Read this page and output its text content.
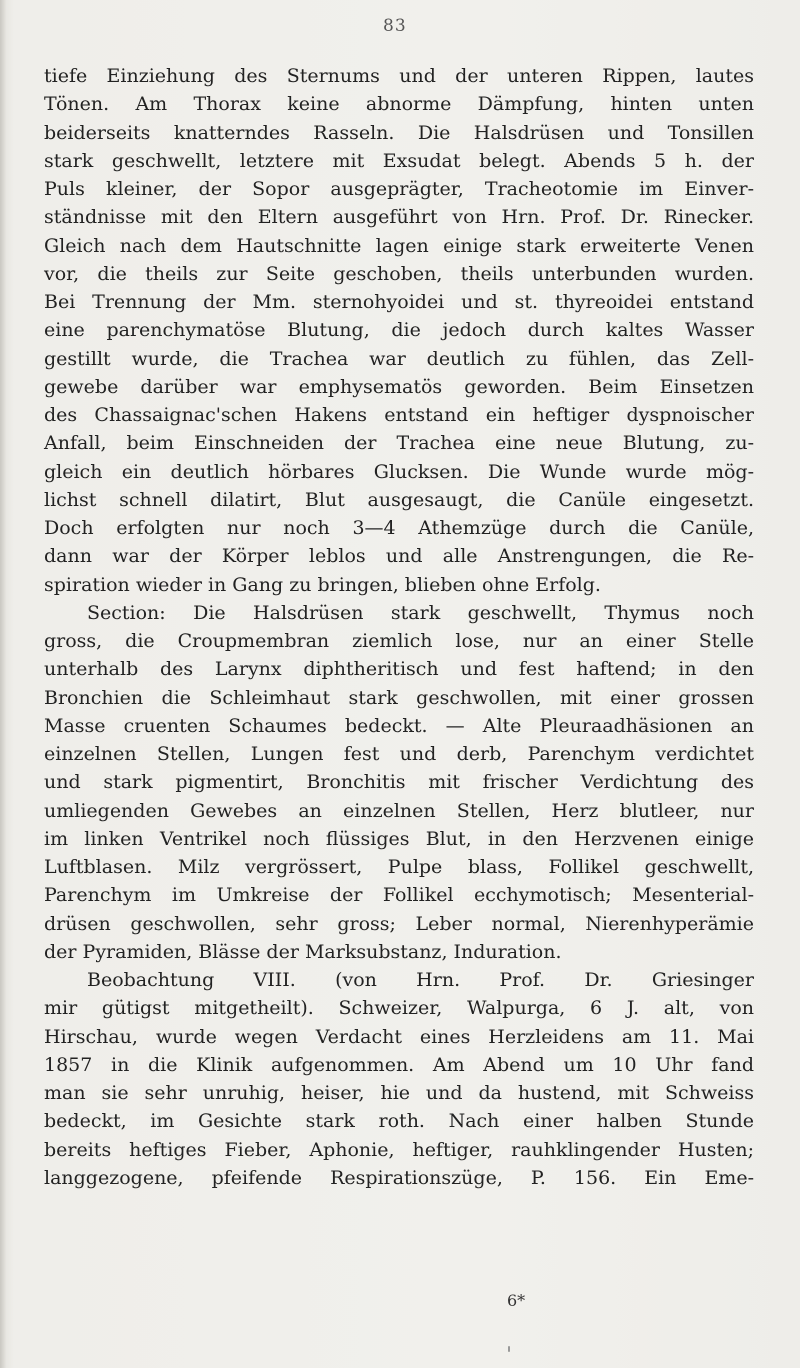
83
tiefe Einziehung des Sternums und der unteren Rippen, lautes
Tönen. Am Thorax keine abnorme Dämpfung, hinten unten
beiderseits knatterndes Rasseln. Die Halsdrüsen und Tonsillen
stark geschwellt, letztere mit Exsudat belegt. Abends 5 h. der
Puls kleiner, der Sopor ausgeprägter, Tracheotomie im Einver-
ständnisse mit den Eltern ausgeführt von Hrn. Prof. Dr. Rinecker.
Gleich nach dem Hautschnitte lagen einige stark erweiterte Venen
vor, die theils zur Seite geschoben, theils unterbunden wurden.
Bei Trennung der Mm. sternohyoidei und st. thyreoidei entstand
eine parenchymatöse Blutung, die jedoch durch kaltes Wasser
gestillt wurde, die Trachea war deutlich zu fühlen, das Zell-
gewebe darüber war emphysematös geworden. Beim Einsetzen
des Chassaignac'schen Hakens entstand ein heftiger dyspnoischer
Anfall, beim Einschneiden der Trachea eine neue Blutung, zu-
gleich ein deutlich hörbares Glucksen. Die Wunde wurde mög-
lichst schnell dilatirt, Blut ausgesaugt, die Canüle eingesetzt.
Doch erfolgten nur noch 3—4 Athemzüge durch die Canüle,
dann war der Körper leblos und alle Anstrengungen, die Re-
spiration wieder in Gang zu bringen, blieben ohne Erfolg.
Section: Die Halsdrüsen stark geschwellt, Thymus noch
gross, die Croupmembran ziemlich lose, nur an einer Stelle
unterhalb des Larynx diphtheritisch und fest haftend; in den
Bronchien die Schleimhaut stark geschwollen, mit einer grossen
Masse cruenten Schaumes bedeckt. — Alte Pleuraadhäsionen an
einzelnen Stellen, Lungen fest und derb, Parenchym verdichtet
und stark pigmentirt, Bronchitis mit frischer Verdichtung des
umliegenden Gewebes an einzelnen Stellen, Herz blutleer, nur
im linken Ventrikel noch flüssiges Blut, in den Herzvenen einige
Luftblasen. Milz vergrössert, Pulpe blass, Follikel geschwellt,
Parenchym im Umkreise der Follikel ecchymotisch; Mesenterial-
drüsen geschwollen, sehr gross; Leber normal, Nierenhyperämie
der Pyramiden, Blässe der Marksubstanz, Induration.
Beobachtung VIII. (von Hrn. Prof. Dr. Griesinger
mir gütigst mitgetheilt). Schweizer, Walpurga, 6 J. alt, von
Hirschau, wurde wegen Verdacht eines Herzleidens am 11. Mai
1857 in die Klinik aufgenommen. Am Abend um 10 Uhr fand
man sie sehr unruhig, heiser, hie und da hustend, mit Schweiss
bedeckt, im Gesichte stark roth. Nach einer halben Stunde
bereits heftiges Fieber, Aphonie, heftiger, rauhklingender Husten;
langgezogene, pfeifende Respirationszüge, P. 156. Ein Eme-
6*
